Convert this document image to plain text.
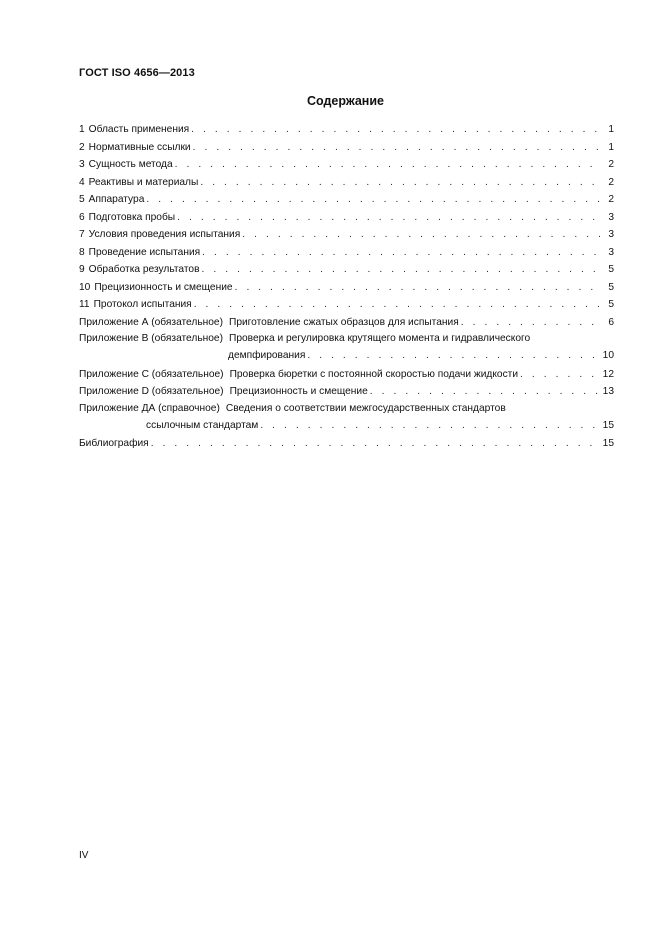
ГОСТ ISO 4656—2013
Содержание
1 Область применения . . .	1
2 Нормативные ссылки . . .	1
3 Сущность метода . . .	2
4 Реактивы и материалы . . .	2
5 Аппаратура . . .	2
6 Подготовка пробы . . .	3
7 Условия проведения испытания . . .	3
8 Проведение испытания . . .	3
9 Обработка результатов . . .	5
10 Прецизионность и смещение . . .	5
11 Протокол испытания . . .	5
Приложение А (обязательное) Приготовление сжатых образцов для испытания . . .	6
Приложение В (обязательное) Проверка и регулировка крутящего момента и гидравлического
демпфирования . . .	10
Приложение С (обязательное) Проверка бюретки с постоянной скоростью подачи жидкости . . .	12
Приложение D (обязательное) Прецизионность и смещение . . .	13
Приложение ДА (справочное) Сведения о соответствии межгосударственных стандартов
ссылочным стандартам . . .	15
Библиография . . .	15
IV
